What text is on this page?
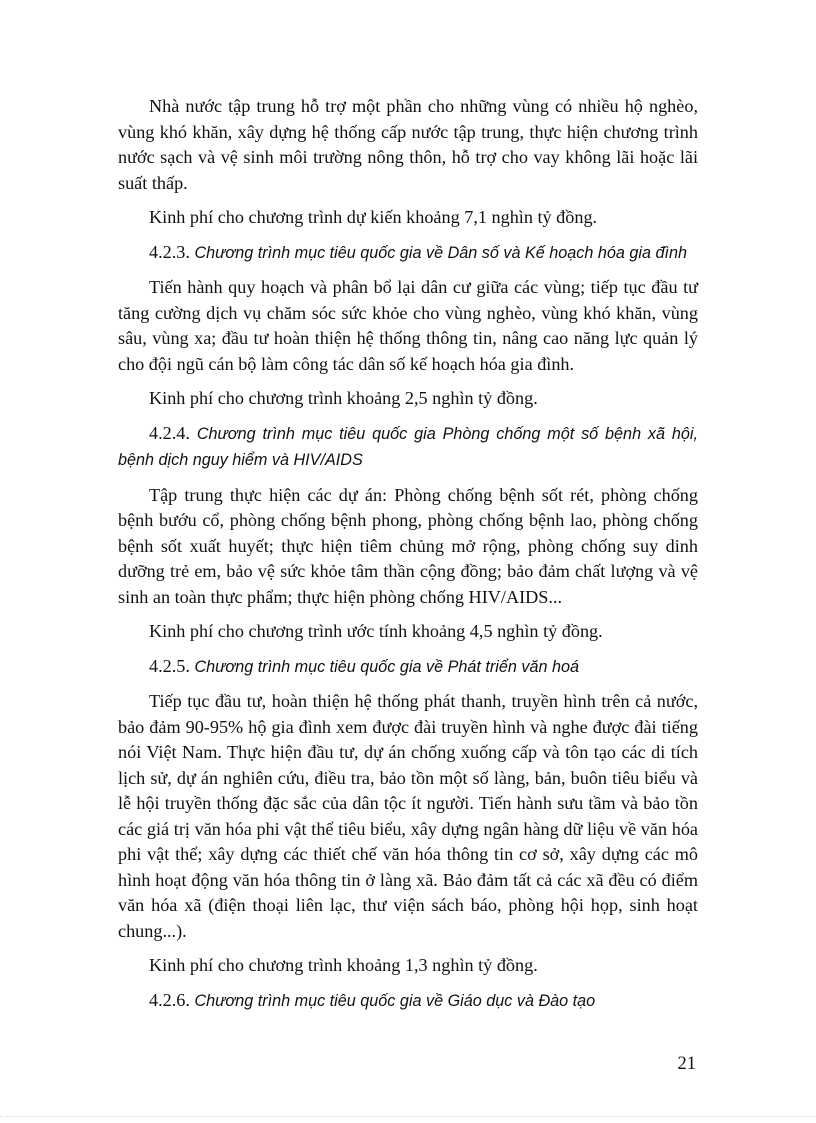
Nhà nước tập trung hỗ trợ một phần cho những vùng có nhiều hộ nghèo, vùng khó khăn, xây dựng hệ thống cấp nước tập trung, thực hiện chương trình nước sạch và vệ sinh môi trường nông thôn, hỗ trợ cho vay không lãi hoặc lãi suất thấp.

Kinh phí cho chương trình dự kiến khoảng 7,1 nghìn tỷ đồng.

4.2.3. Chương trình mục tiêu quốc gia về Dân số và Kế hoạch hóa gia đình

Tiến hành quy hoạch và phân bổ lại dân cư giữa các vùng; tiếp tục đầu tư tăng cường dịch vụ chăm sóc sức khỏe cho vùng nghèo, vùng khó khăn, vùng sâu, vùng xa; đầu tư hoàn thiện hệ thống thông tin, nâng cao năng lực quản lý cho đội ngũ cán bộ làm công tác dân số kế hoạch hóa gia đình.

Kinh phí cho chương trình khoảng 2,5 nghìn tỷ đồng.

4.2.4. Chương trình mục tiêu quốc gia Phòng chống một số bệnh xã hội, bệnh dịch nguy hiểm và HIV/AIDS

Tập trung thực hiện các dự án: Phòng chống bệnh sốt rét, phòng chống bệnh bướu cổ, phòng chống bệnh phong, phòng chống bệnh lao, phòng chống bệnh sốt xuất huyết; thực hiện tiêm chủng mở rộng, phòng chống suy dinh dưỡng trẻ em, bảo vệ sức khỏe tâm thần cộng đồng; bảo đảm chất lượng và vệ sinh an toàn thực phẩm; thực hiện phòng chống HIV/AIDS...

Kinh phí cho chương trình ước tính khoảng 4,5 nghìn tỷ đồng.

4.2.5. Chương trình mục tiêu quốc gia về Phát triển văn hoá

Tiếp tục đầu tư, hoàn thiện hệ thống phát thanh, truyền hình trên cả nước, bảo đảm 90-95% hộ gia đình xem được đài truyền hình và nghe được đài tiếng nói Việt Nam. Thực hiện đầu tư, dự án chống xuống cấp và tôn tạo các di tích lịch sử, dự án nghiên cứu, điều tra, bảo tồn một số làng, bản, buôn tiêu biểu và lễ hội truyền thống đặc sắc của dân tộc ít người. Tiến hành sưu tầm và bảo tồn các giá trị văn hóa phi vật thể tiêu biểu, xây dựng ngân hàng dữ liệu về văn hóa phi vật thể; xây dựng các thiết chế văn hóa thông tin cơ sở, xây dựng các mô hình hoạt động văn hóa thông tin ở làng xã. Bảo đảm tất cả các xã đều có điểm văn hóa xã (điện thoại liên lạc, thư viện sách báo, phòng hội họp, sinh hoạt chung...).

Kinh phí cho chương trình khoảng 1,3 nghìn tỷ đồng.

4.2.6. Chương trình mục tiêu quốc gia về Giáo dục và Đào tạo

21
